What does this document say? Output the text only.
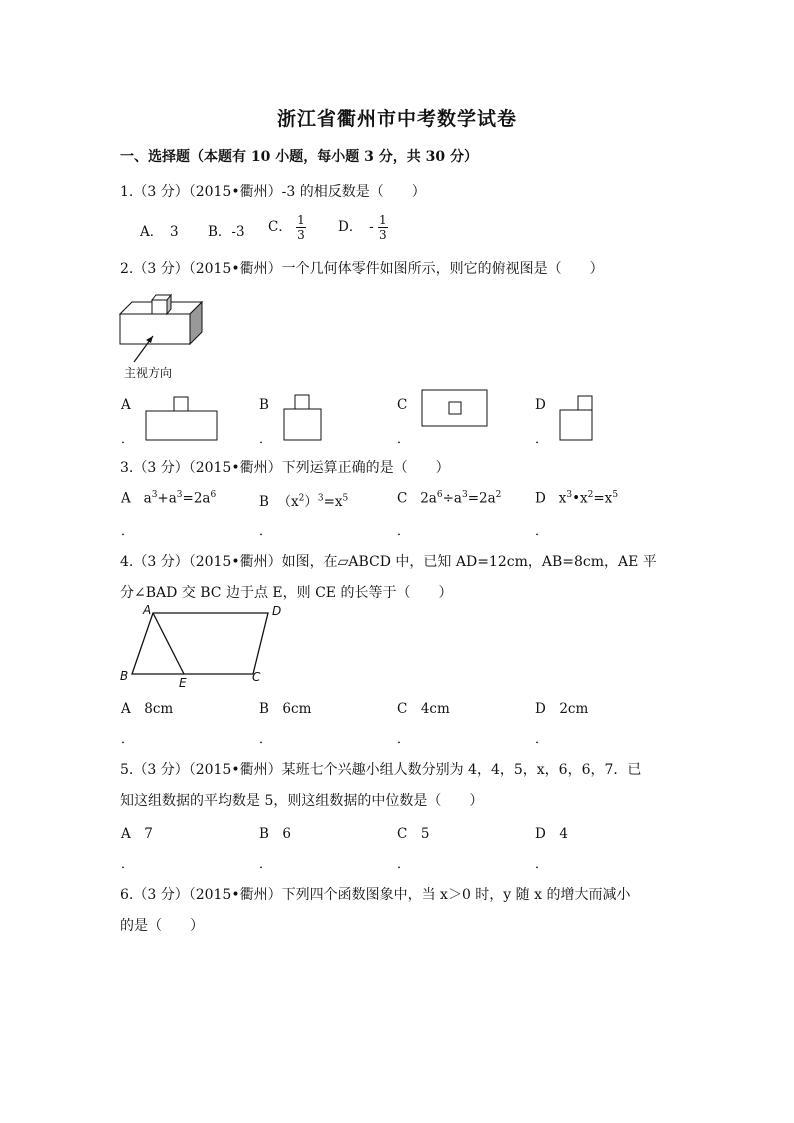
浙江省衢州市中考数学试卷
一、选择题（本题有 10 小题，每小题 3 分，共 30 分）
1.（3 分）（2015•衢州）-3 的相反数是（　　）
A．　3 B．-3 C． $\frac{1}{3}$ D．　- $\frac{1}{3}$
2.（3 分）（2015•衢州）一个几何体零件如图所示，则它的俯视图是（　　）
主视方向
A
．
B
．
C
．
D
．
3.（3 分）（2015•衢州）下列运算正确的是（　　）
A $a^3+a^3=2a^6$
．
B $(x^2)^3=x^5$
．
C $2a^6\div a^3=2a^2$
．
D $x^3•x^2=x^5$
．
4.（3 分）（2015•衢州）如图，在▱ABCD 中，已知 AD=12cm，AB=8cm，AE 平
分∠BAD 交 BC 边于点 E，则 CE 的长等于（　　）
A	D
B	E	C
A　8cm
．
B　6cm
．
C　4cm
．
D　2cm
．
5.（3 分）（2015•衢州）某班七个兴趣小组人数分别为 4，4，5，x，6，6，7．已
知这组数据的平均数是 5，则这组数据的中位数是（　　）
A　7
．
B　6
．
C　5
．
D　4
．
6.（3 分）（2015•衢州）下列四个函数图象中，当 x＞0 时，y 随 x 的增大而减小
的是（　　）
